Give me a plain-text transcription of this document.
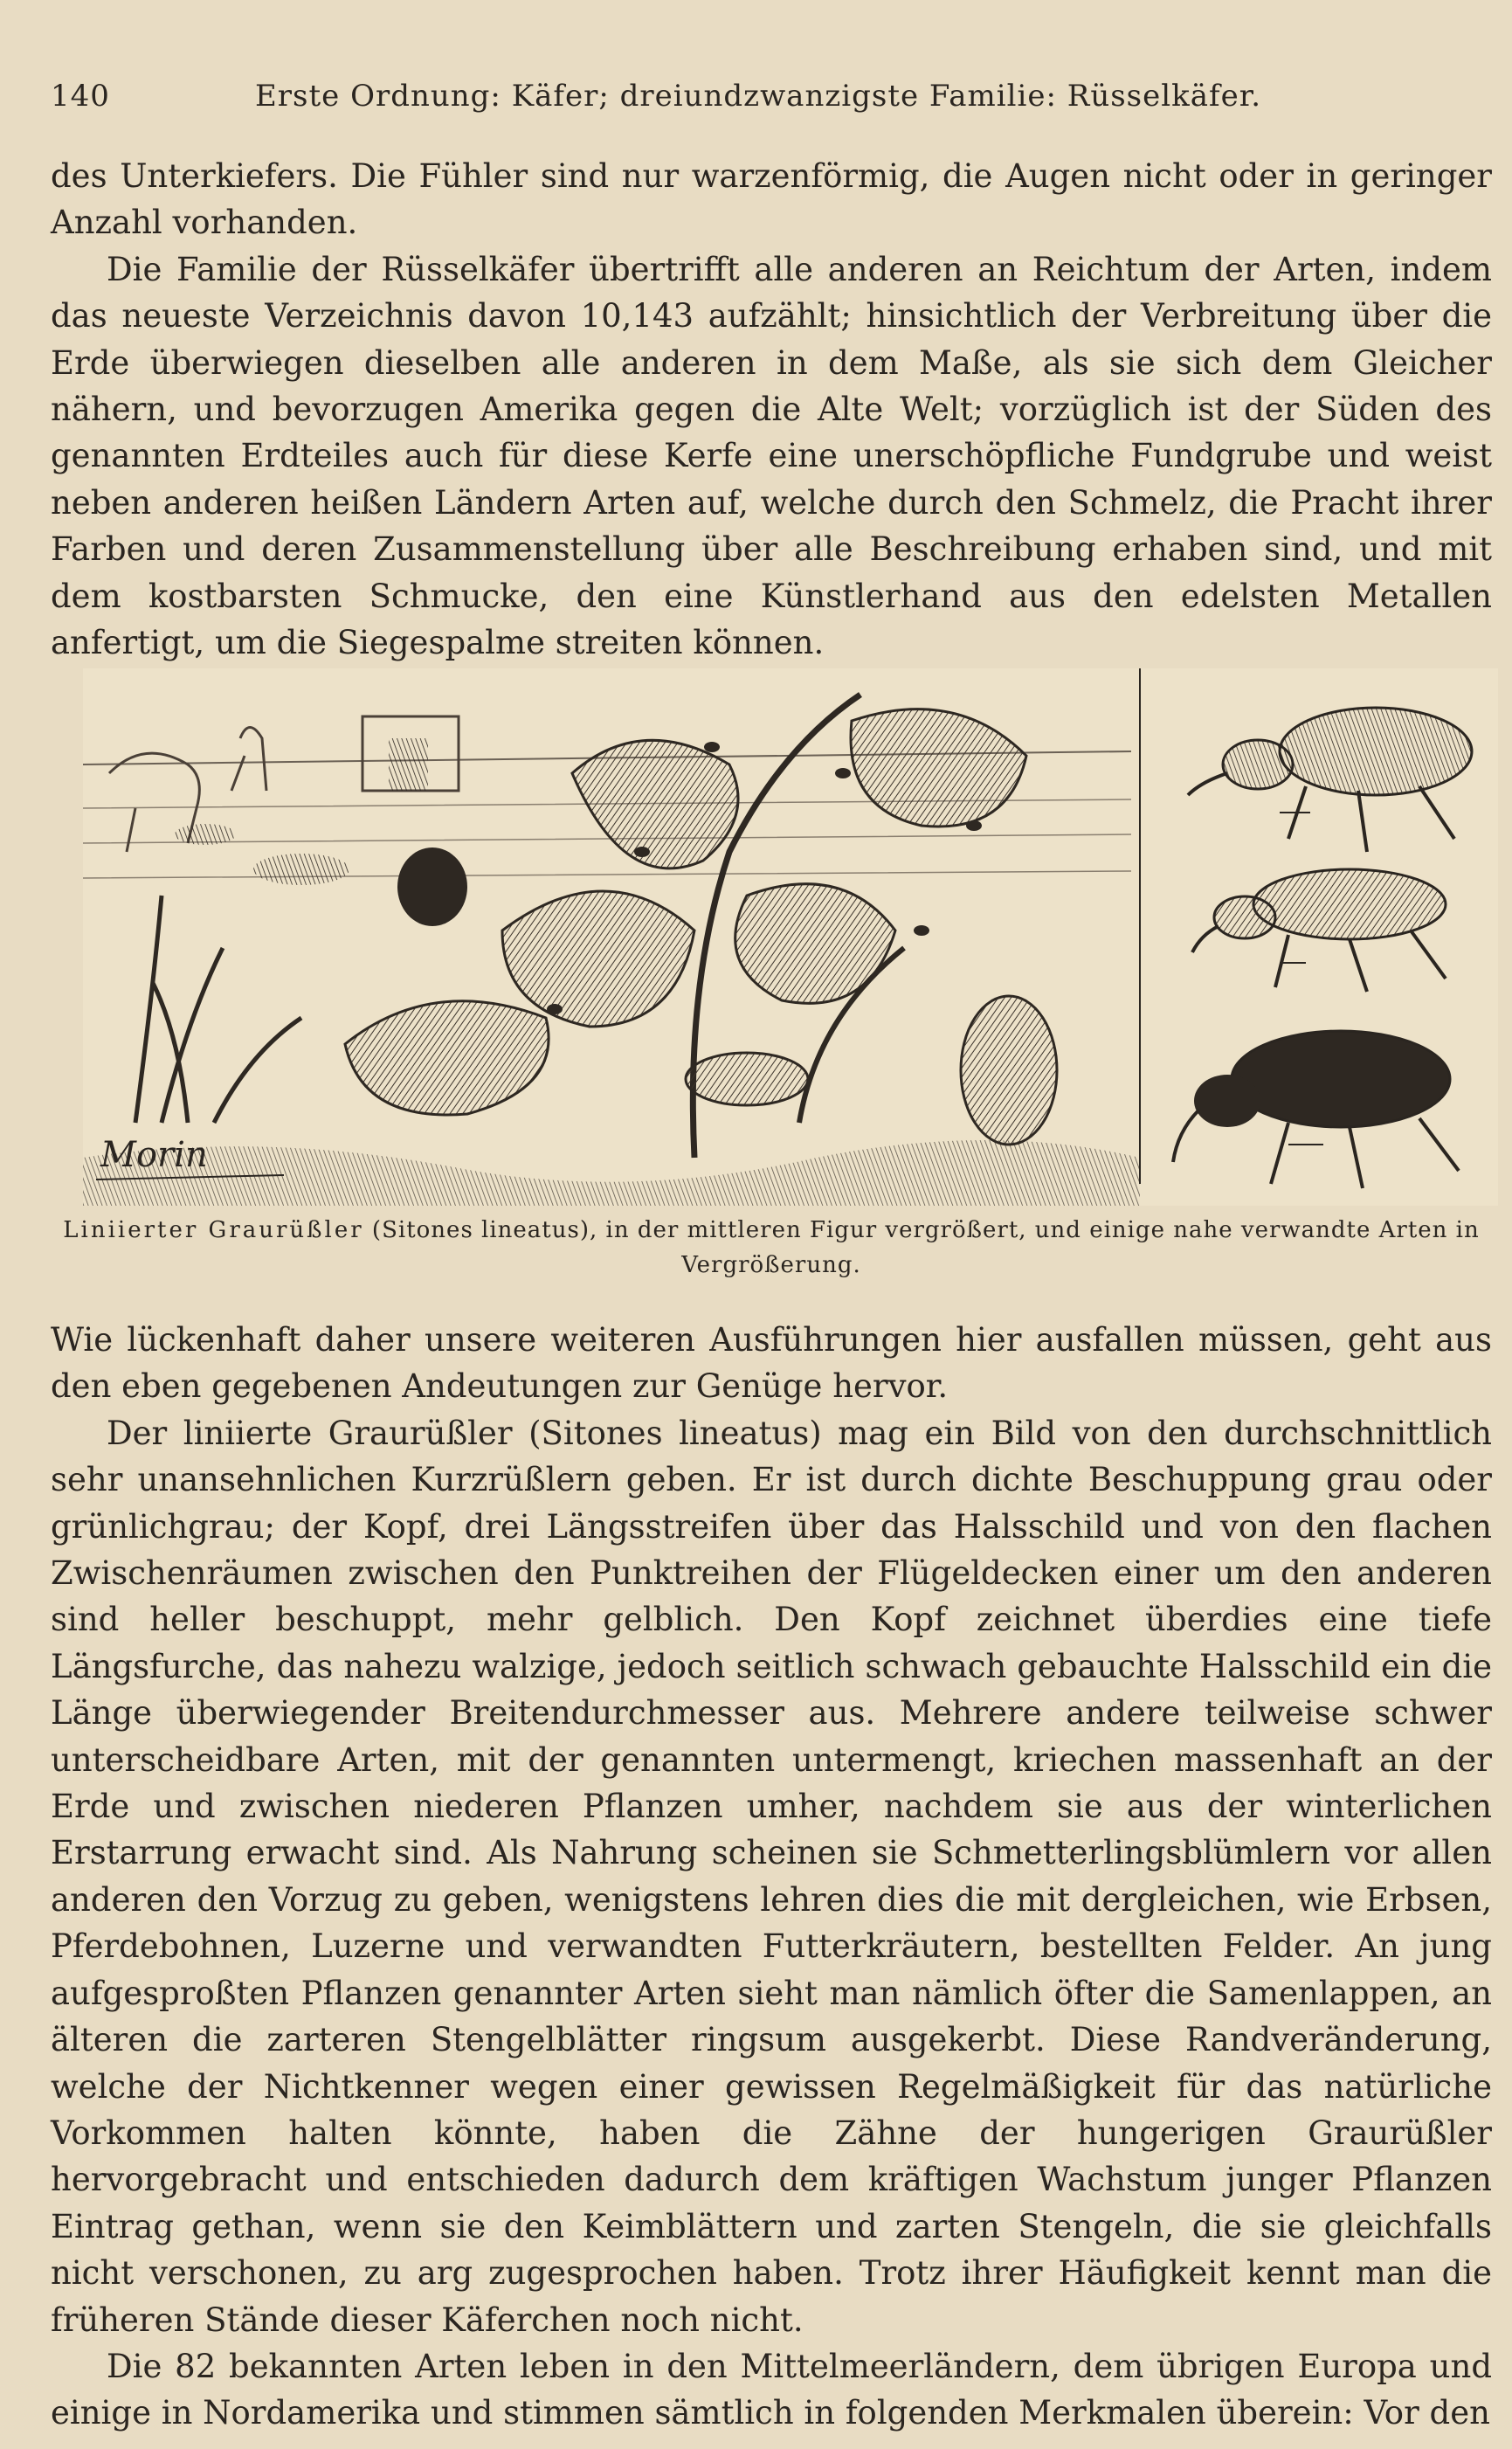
140	Erste Ordnung: Käfer; dreiundzwanzigste Familie: Rüsselkäfer.

des Unterkiefers. Die Fühler sind nur warzenförmig, die Augen nicht oder in geringer Anzahl vorhanden.

Die Familie der Rüsselkäfer übertrifft alle anderen an Reichtum der Arten, indem das neueste Verzeichnis davon 10,143 aufzählt; hinsichtlich der Verbreitung über die Erde überwiegen dieselben alle anderen in dem Maße, als sie sich dem Gleicher nähern, und bevorzugen Amerika gegen die Alte Welt; vorzüglich ist der Süden des genannten Erdteiles auch für diese Kerfe eine unerschöpfliche Fundgrube und weist neben anderen heißen Ländern Arten auf, welche durch den Schmelz, die Pracht ihrer Farben und deren Zusammenstellung über alle Beschreibung erhaben sind, und mit dem kostbarsten Schmucke, den eine Künstlerhand aus den edelsten Metallen anfertigt, um die Siegespalme streiten können.

Morin
Liniierter Graurüßler (Sitones lineatus), in der mittleren Figur vergrößert, und einige nahe verwandte Arten in Vergrößerung.

Wie lückenhaft daher unsere weiteren Ausführungen hier ausfallen müssen, geht aus den eben gegebenen Andeutungen zur Genüge hervor.

Der liniierte Graurüßler (Sitones lineatus) mag ein Bild von den durchschnittlich sehr unansehnlichen Kurzrüßlern geben. Er ist durch dichte Beschuppung grau oder grünlichgrau; der Kopf, drei Längsstreifen über das Halsschild und von den flachen Zwischenräumen zwischen den Punktreihen der Flügeldecken einer um den anderen sind heller beschuppt, mehr gelblich. Den Kopf zeichnet überdies eine tiefe Längsfurche, das nahezu walzige, jedoch seitlich schwach gebauchte Halsschild ein die Länge überwiegender Breitendurchmesser aus. Mehrere andere teilweise schwer unterscheidbare Arten, mit der genannten untermengt, kriechen massenhaft an der Erde und zwischen niederen Pflanzen umher, nachdem sie aus der winterlichen Erstarrung erwacht sind. Als Nahrung scheinen sie Schmetterlingsblümlern vor allen anderen den Vorzug zu geben, wenigstens lehren dies die mit dergleichen, wie Erbsen, Pferdebohnen, Luzerne und verwandten Futterkräutern, bestellten Felder. An jung aufgesproßten Pflanzen genannter Arten sieht man nämlich öfter die Samenlappen, an älteren die zarteren Stengelblätter ringsum ausgekerbt. Diese Randveränderung, welche der Nichtkenner wegen einer gewissen Regelmäßigkeit für das natürliche Vorkommen halten könnte, haben die Zähne der hungerigen Graurüßler hervorgebracht und entschieden dadurch dem kräftigen Wachstum junger Pflanzen Eintrag gethan, wenn sie den Keimblättern und zarten Stengeln, die sie gleichfalls nicht verschonen, zu arg zugesprochen haben. Trotz ihrer Häufigkeit kennt man die früheren Stände dieser Käferchen noch nicht.

Die 82 bekannten Arten leben in den Mittelmeerländern, dem übrigen Europa und einige in Nordamerika und stimmen sämtlich in folgenden Merkmalen überein: Vor den
